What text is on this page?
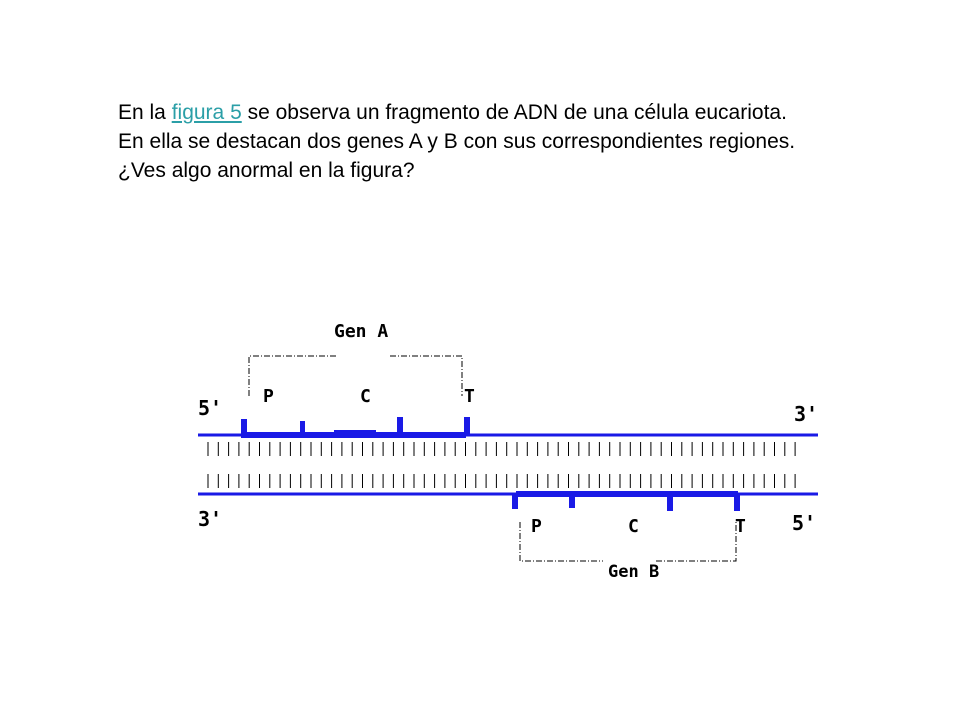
En la figura 5 se observa un fragmento de ADN de una célula eucariota. En ella se destacan dos genes A y B con sus correspondientes regiones. ¿Ves algo anormal en la figura?
Gen A
P	C	T
5'	3'
3'	5'
P	C	T
Gen B
